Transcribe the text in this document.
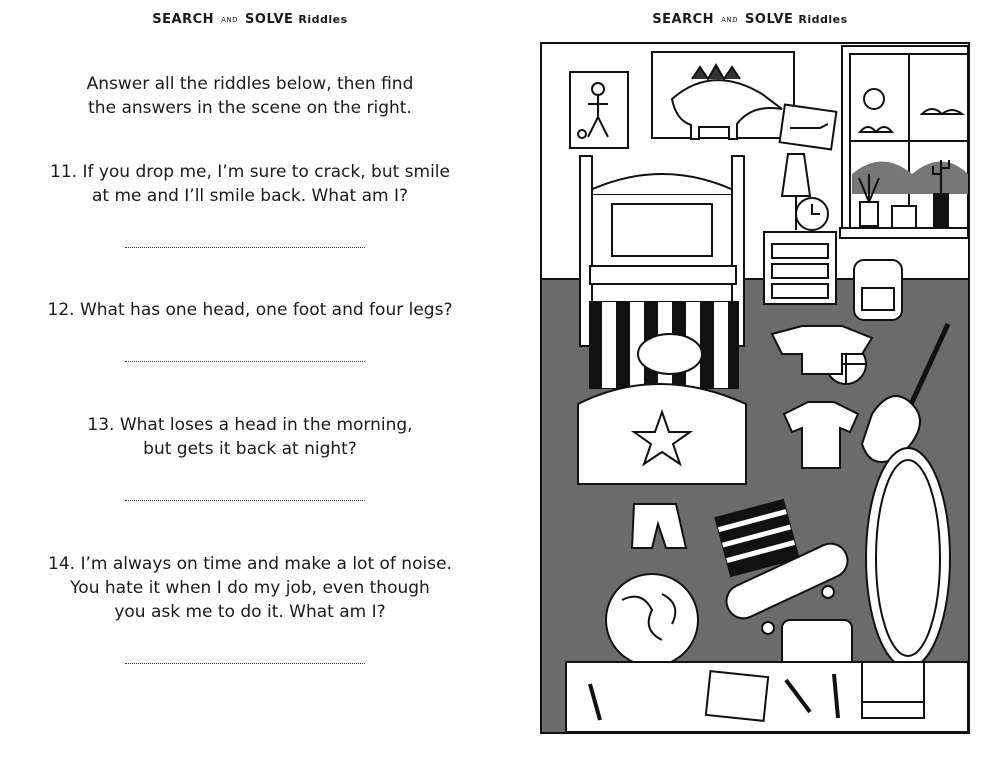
SEARCH AND SOLVE Riddles
Answer all the riddles below, then find
the answers in the scene on the right.
11. If you drop me, I’m sure to crack, but smile
at me and I’ll smile back. What am I?
12. What has one head, one foot and four legs?
13. What loses a head in the morning,
but gets it back at night?
14. I’m always on time and make a lot of noise.
You hate it when I do my job, even though
you ask me to do it. What am I?
SEARCH AND SOLVE Riddles
